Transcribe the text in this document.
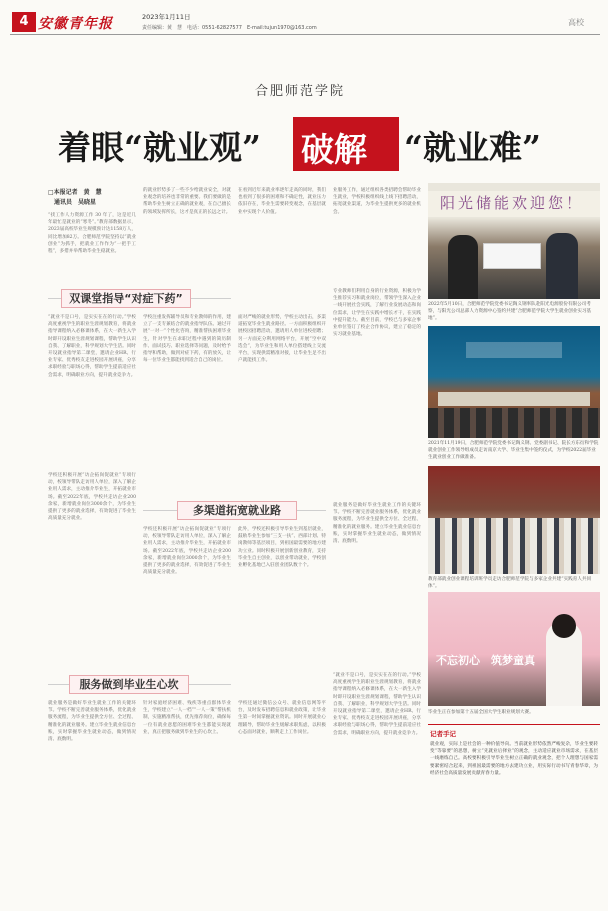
4 安徽青年报	2023年1月11日
责任编辑：黄　慧　电话：0551-62827577　E-mail:tujun1970@163.com
高校
合肥师范学院
着眼“就业观” 破解 “就业难”
□本报记者　黄　慧
　通讯员　吴晓星
“找工作人力资源工作 30 年了，这是近几年最忙是就业的“寒冬”。”教育部数据显示，2023届高校毕业生规模预计达1158万人，同比增加82万。合肥师范学院坚持以“就业创业”为抓手，把就业工作作为“一把手工程”，多措并举帮助毕业生稳就业。
的就业形势多了一些不少给就业安全，对就业观念的培养也非常的重要。我们要做的是帮助毕业生树立正确的就业观，在自己擅长的领域发挥所长，这才是真正的长远之计。
在看到近年来就业率逐年走高的同时，我们也看到了很多的困难和不确定性，就业压力依旧存在，毕业生需要转变观念，在基层就业中实现个人价值。
业服务工作，通过组织各类招聘会帮助毕业生就业，学校积极组织线上线下招聘活动，拓宽就业渠道，为毕业生提供更多的就业机会。
双课堂指导“对症下药”
“就业不是口号，是实实在在的行动。”学校高度重视学生的职业生涯规划教育，将就业指导课程纳入必修课体系，在大一新生入学时即开设职业生涯规划课程，帮助学生认识自我、了解职业，科学规划大学生活。同时开设就业指导第二课堂，邀请企业HR、行业专家、优秀校友走进校园开展讲座，分享求职经验与职场心得，帮助学生提前适应社会需求，明确职业方向，提升就业竞争力。
学校注重发挥辅导员和专业教师的作用，建立了一支专兼结合的就业指导队伍。通过开展“一对一”个性化咨询，精准帮扶困难毕业生，针对学生在求职过程中遇到的简历制作、面试技巧、职业选择等问题，及时给予指导和帮助，做到对症下药，有的放矢，让每一位毕业生都能找到适合自己的岗位。
专业教师们利用自身的行业资源，积极为学生推荐实习和就业岗位，带领学生深入企业一线开展社会实践，了解行业发展动态和岗位需求，让学生在实践中增长才干，在实践中提升能力。截至目前，学校已与多家企事业单位签订了校企合作协议，建立了稳定的实习就业基地。
面对严峻的就业形势，学校主动出击，多渠道拓宽毕业生就业路径。一方面积极组织开展校园招聘活动，邀请用人单位进校招聘；另一方面充分利用网络平台，开展“空中双选会”，为毕业生和用人单位搭建线上交流平台，实现供需精准对接，让毕业生足不出户就能找工作。
多渠道拓宽就业路
学校还积极开展“访企拓岗促就业”专项行动，校领导带队走访用人单位，深入了解企业用人需求，主动推介毕业生，开拓就业市场。截至2022年底，学校共走访企业200余家，新增就业岗位3000余个，为毕业生提供了更多的就业选择，有效促进了毕业生高质量充分就业。
学校还积极开展“访企拓岗促就业”专项行动，校领导带队走访用人单位，深入了解企业用人需求，主动推介毕业生，开拓就业市场。截至2022年底，学校共走访企业200余家，新增就业岗位3000余个，为毕业生提供了更多的就业选择，有效促进了毕业生高质量充分就业。
此外，学校还积极引导毕业生到基层就业，鼓励毕业生参加“三支一扶”、西部计划、特岗教师等基层项目，到祖国最需要的地方建功立业。同时积极开展创新创业教育，支持毕业生自主创业，以创业带动就业，学校创业孵化基地已入驻创业团队数十个。
就业服务是做好毕业生就业工作的关键环节。学校不断完善就业服务体系，优化就业服务流程，为毕业生提供全方位、全过程、精准化的就业服务。建立毕业生就业信息台账，实时掌握毕业生就业动态，做到情况清、底数明。
服务做到毕业生心坎
就业服务是做好毕业生就业工作的关键环节。学校不断完善就业服务体系，优化就业服务流程，为毕业生提供全方位、全过程、精准化的就业服务。建立毕业生就业信息台账，实时掌握毕业生就业动态，做到情况清、底数明。
针对家庭经济困难、残疾等重点群体毕业生，学校建立“一人一档”“一人一策”帮扶机制，实施精准帮扶，优先推荐岗位，确保每一位有就业意愿的困难毕业生都能实现就业，真正把服务做到毕业生的心坎上。
学校还通过微信公众号、就业信息网等平台，及时发布招聘信息和就业政策，让毕业生第一时间掌握就业资讯。同时开展就业心理辅导，帮助毕业生缓解求职焦虑，以积极心态面对就业，顺利走上工作岗位。
“就业不是口号，是实实在在的行动。”学校高度重视学生的职业生涯规划教育，将就业指导课程纳入必修课体系，在大一新生入学时即开设职业生涯规划课程，帮助学生认识自我、了解职业，科学规划大学生活。同时开设就业指导第二课堂，邀请企业HR、行业专家、优秀校友走进校园开展讲座，分享求职经验与职场心得，帮助学生提前适应社会需求，明确职业方向，提升就业竞争力。
阳光储能欢迎您！
2022年5月10日，合肥师范学院党委书记陶义钢率队赴阳光电源股份有限公司考察，与阳光公司总部人力资源中心签约共建“合肥师范学院大学生就业创业实习基地”。
2021年11月19日，合肥师范学院党委书记陶义钢、党委副书记、院长方东衍和学院就业创业工作领导组成员走访南京大学、毕业生集中签约仪式，为学校2022届毕业生就业创业工作做准备。
教育部就业创业课程培训班学员走访合肥师范学院与多家企业共建“实践育人共同体”。
不忘初心　筑梦童真
毕业生正在参加第十五届全国大学生职业规划大赛。
记者手记
就业观，实际上是社会的一种价值导向。当前就业形势依然严峻复杂，毕业生要转变“等靠要”的思想，树立“先就业后择业”的观念，主动适应就业市场需求，在基层一线磨练自己。高校要积极引导毕业生树立正确的就业观念，把个人理想与国家需要紧密结合起来，到祖国最需要的地方去建功立业，用实际行动书写青春华章，为经济社会高质量发展贡献青春力量。
